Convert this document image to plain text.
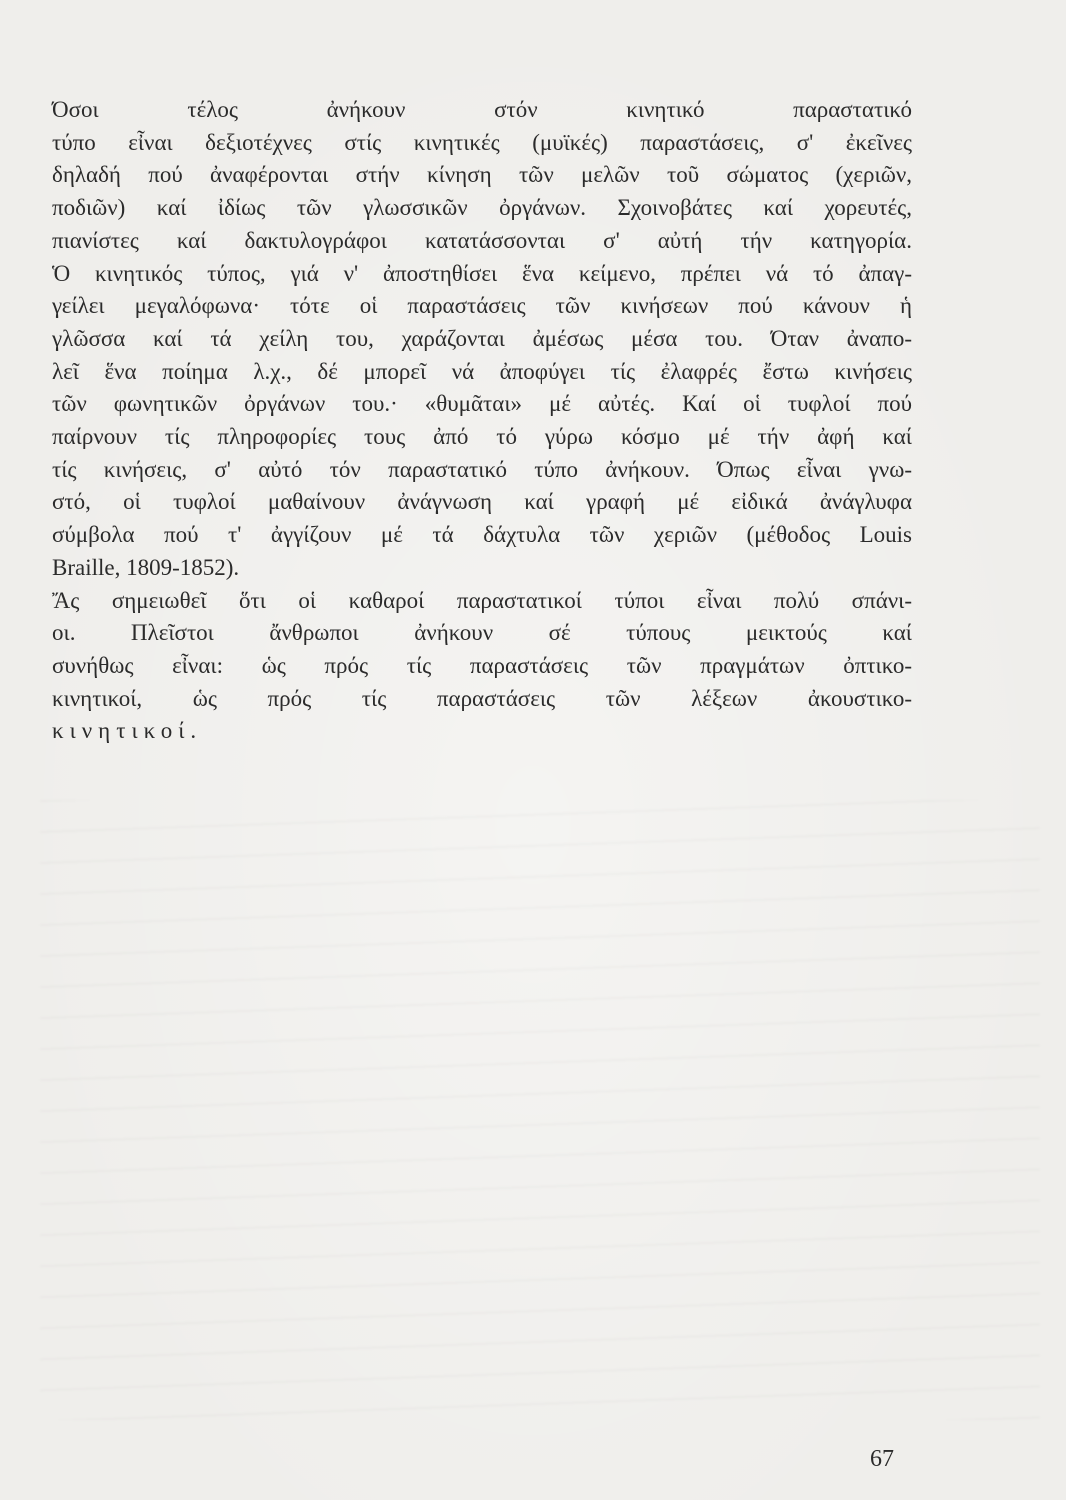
Όσοι τέλος ἀνήκουν στόν κινητικό παραστατικό
τύπο εἶναι δεξιοτέχνες στίς κινητικές (μυϊκές) παραστάσεις, σ' ἐκεῖνες
δηλαδή πού ἀναφέρονται στήν κίνηση τῶν μελῶν τοῦ σώματος (χεριῶν,
ποδιῶν) καί ἰδίως τῶν γλωσσικῶν ὀργάνων. Σχοινοβάτες καί χορευτές,
πιανίστες καί δακτυλογράφοι κατατάσσονται σ' αὐτή τήν κατηγορία.
Ὁ κινητικός τύπος, γιά ν' ἀποστηθίσει ἕνα κείμενο, πρέπει νά τό ἀπαγ-
γείλει μεγαλόφωνα· τότε οἱ παραστάσεις τῶν κινήσεων πού κάνουν ἡ
γλῶσσα καί τά χείλη του, χαράζονται ἀμέσως μέσα του. Όταν ἀναπο-
λεῖ ἕνα ποίημα λ.χ., δέ μπορεῖ νά ἀποφύγει τίς ἐλαφρές ἔστω κινήσεις
τῶν φωνητικῶν ὀργάνων του.· «θυμᾶται» μέ αὐτές. Καί οἱ τυφλοί πού
παίρνουν τίς πληροφορίες τους ἀπό τό γύρω κόσμο μέ τήν ἀφή καί
τίς κινήσεις, σ' αὐτό τόν παραστατικό τύπο ἀνήκουν. Όπως εἶναι γνω-
στό, οἱ τυφλοί μαθαίνουν ἀνάγνωση καί γραφή μέ εἰδικά ἀνάγλυφα
σύμβολα πού τ' ἀγγίζουν μέ τά δάχτυλα τῶν χεριῶν (μέθοδος Louis
Braille, 1809-1852).
Ἄς σημειωθεῖ ὅτι οἱ καθαροί παραστατικοί τύποι εἶναι πολύ σπάνι-
οι. Πλεῖστοι ἄνθρωποι ἀνήκουν σέ τύπους μεικτούς καί
συνήθως εἶναι: ὡς πρός τίς παραστάσεις τῶν πραγμάτων ὀπτικο-
κινητικοί, ὡς πρός τίς παραστάσεις τῶν λέξεων ἀκουστικο-
κινητικοί.
67
